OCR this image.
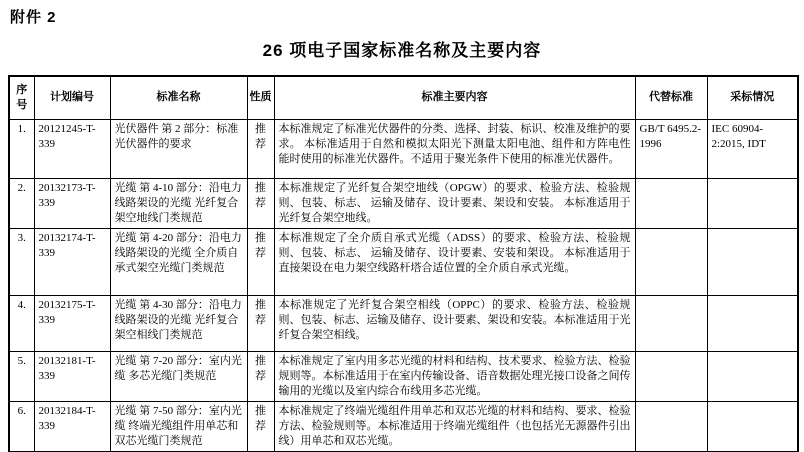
附件 2
26 项电子国家标准名称及主要内容
序号	计划编号	标准名称	性质	标准主要内容	代替标准	采标情况
1.	20121245-T-339	光伏器件 第 2 部分：标准光伏器件的要求	推荐	本标准规定了标准光伏器件的分类、选择、封装、标识、校准及维护的要求。 本标准适用于自然和模拟太阳光下测量太阳电池、组件和方阵电性能时使用的标准光伏器件。不适用于聚光条件下使用的标准光伏器件。	GB/T 6495.2-1996	IEC 60904-2:2015, IDT
2.	20132173-T-339	光缆 第 4-10 部分：沿电力线路架设的光缆 光纤复合架空地线门类规范	推荐	本标准规定了光纤复合架空地线（OPGW）的要求、检验方法、检验规则、包装、标志、 运输及储存、设计要素、架设和安装。 本标准适用于光纤复合架空地线。		
3.	20132174-T-339	光缆 第 4-20 部分：沿电力线路架设的光缆 全介质自承式架空光缆门类规范	推荐	本标准规定了全介质自承式光缆（ADSS）的要求、检验方法、检验规则、包装、标志、 运输及储存、设计要素、安装和架设。 本标准适用于直接架设在电力架空线路杆塔合适位置的全介质自承式光缆。		
4.	20132175-T-339	光缆 第 4-30 部分：沿电力线路架设的光缆 光纤复合架空相线门类规范	推荐	本标准规定了光纤复合架空相线（OPPC）的要求、检验方法、检验规则、包装、标志、运输及储存、设计要素、架设和安装。本标准适用于光纤复合架空相线。		
5.	20132181-T-339	光缆 第 7-20 部分：室内光缆 多芯光缆门类规范	推荐	本标准规定了室内用多芯光缆的材料和结构、技术要求、检验方法、检验规则等。本标准适用于在室内传输设备、语音数据处理光接口设备之间传输用的光缆以及室内综合布线用多芯光缆。		
6.	20132184-T-339	光缆 第 7-50 部分：室内光缆 终端光缆组件用单芯和双芯光缆门类规范	推荐	本标准规定了终端光缆组件用单芯和双芯光缆的材料和结构、要求、检验方法、检验规则等。本标准适用于终端光缆组件（也包括光无源器件引出线）用单芯和双芯光缆。		
